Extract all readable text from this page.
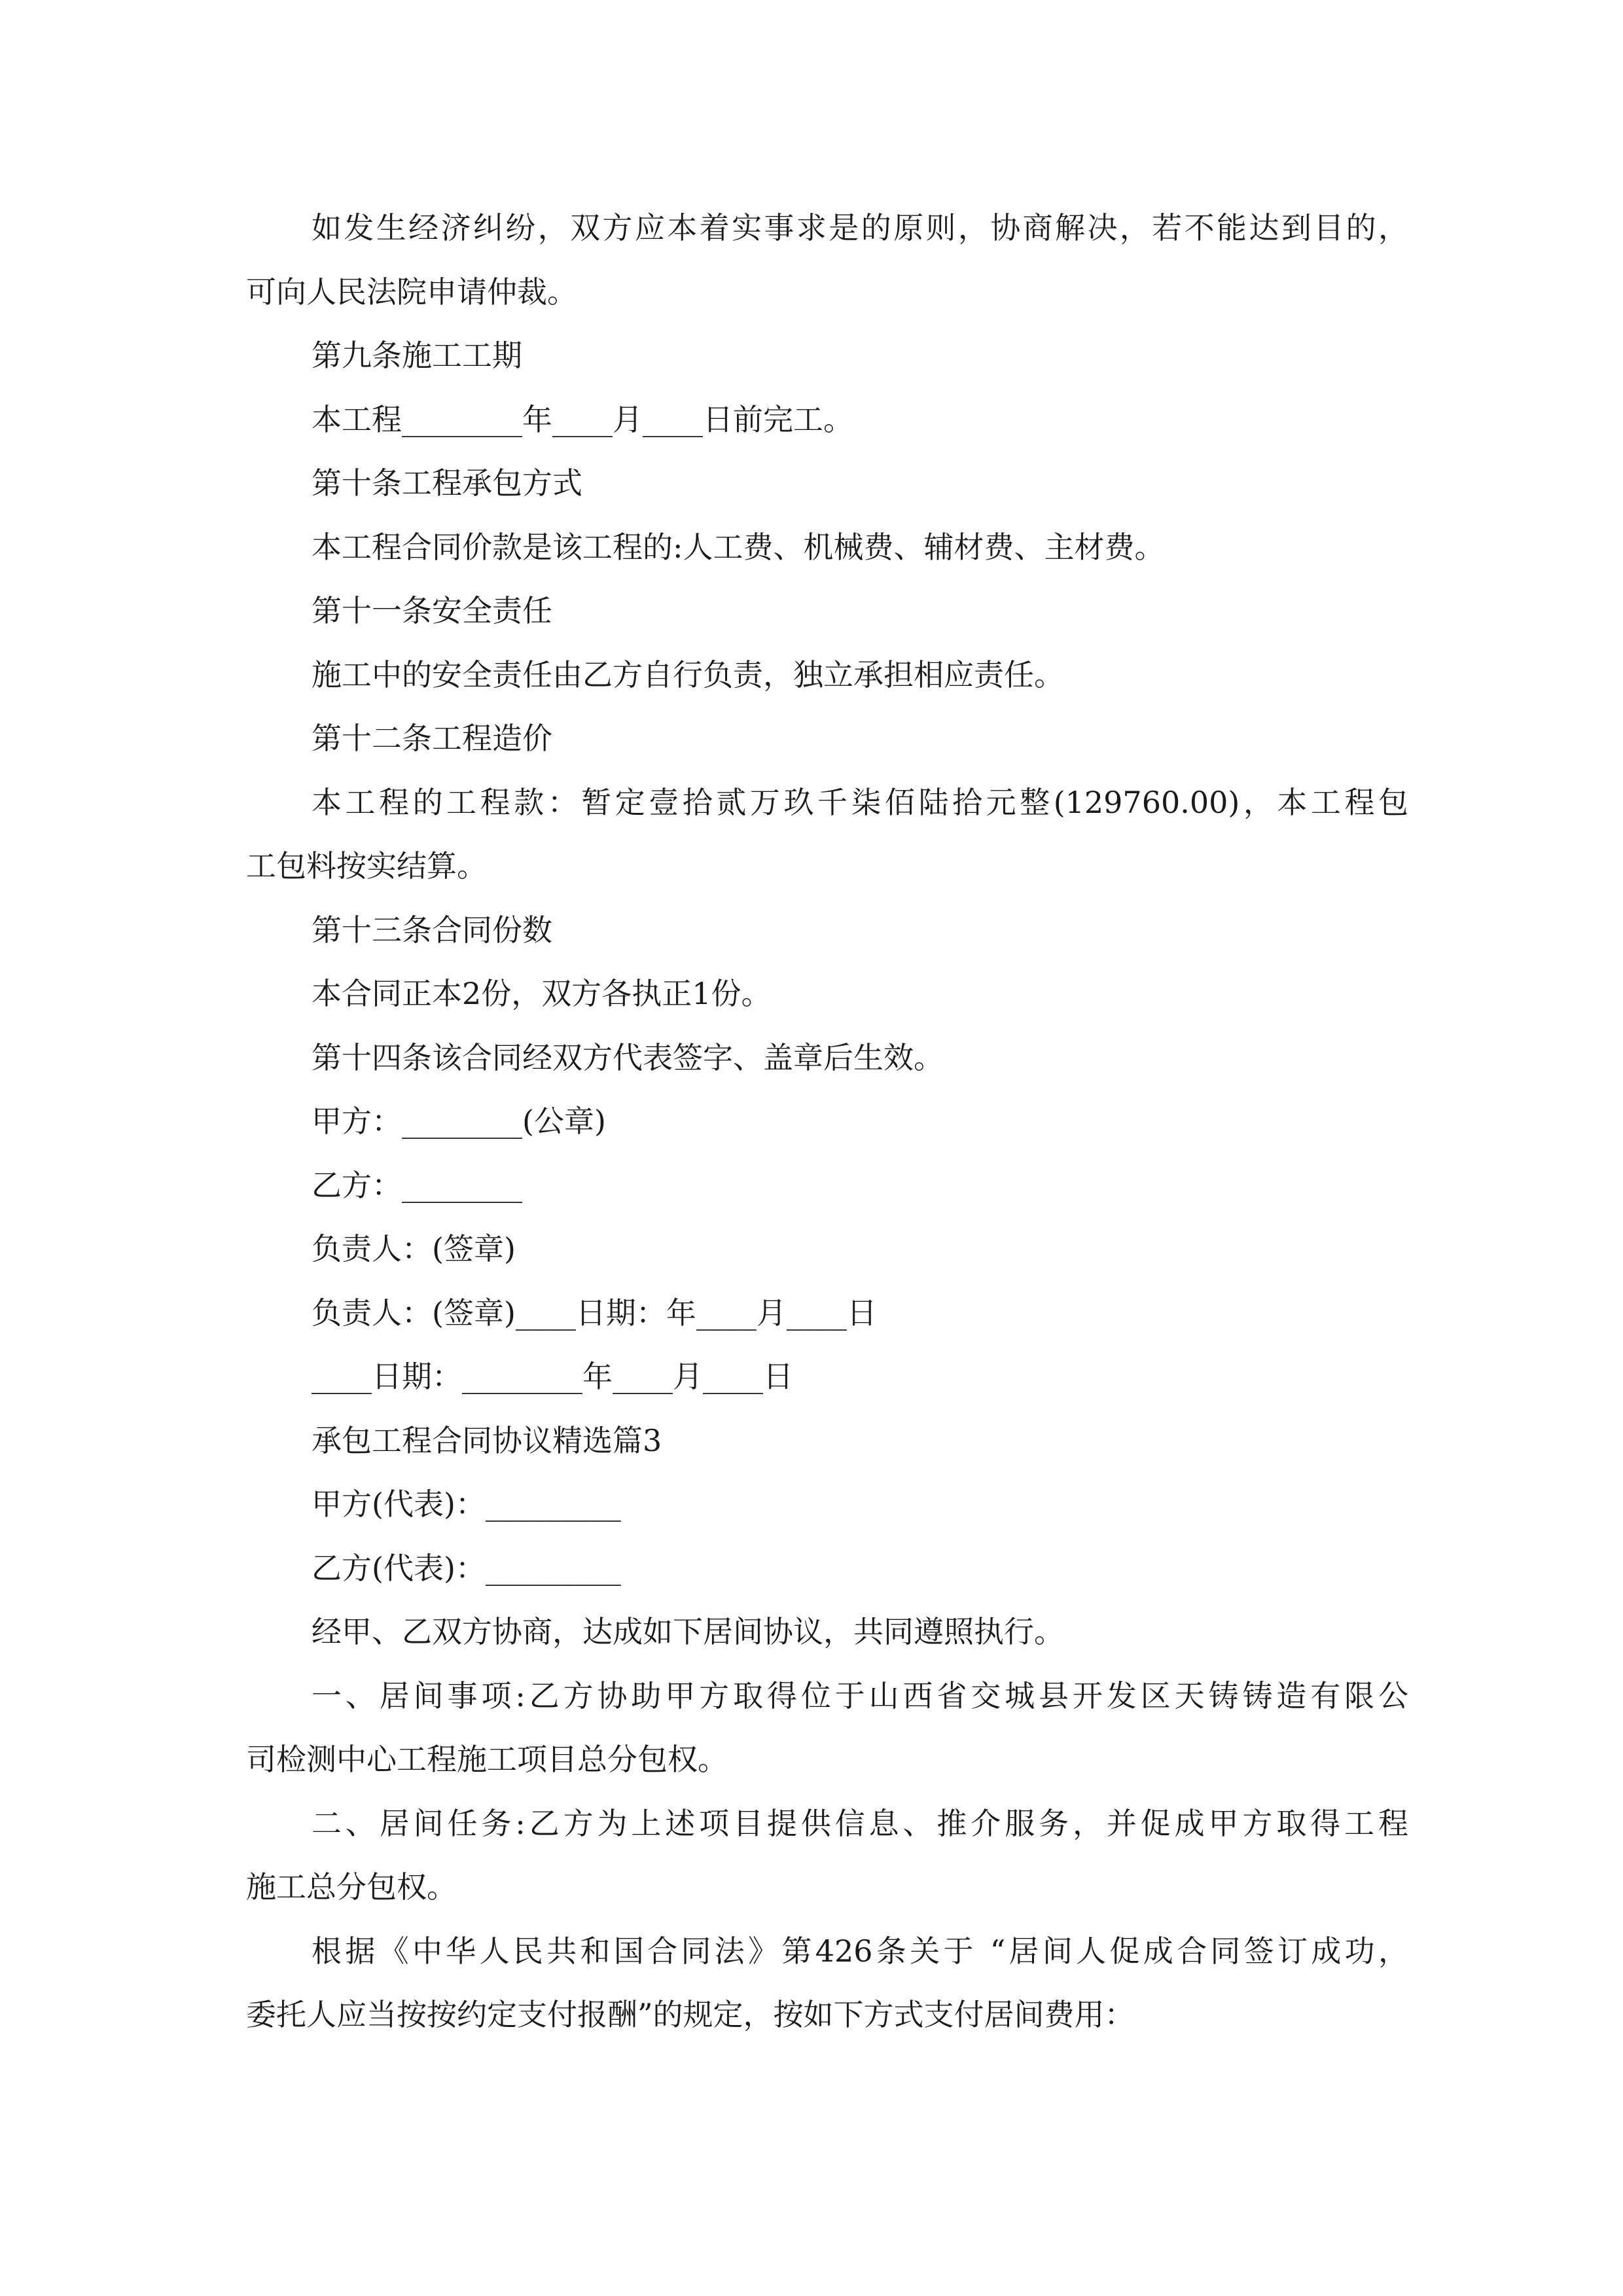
如发生经济纠纷，双方应本着实事求是的原则，协商解决，若不能达到目的，
可向人民法院申请仲裁。
第九条施工工期
本工程________年____月____日前完工。
第十条工程承包方式
本工程合同价款是该工程的:人工费、机械费、辅材费、主材费。
第十一条安全责任
施工中的安全责任由乙方自行负责，独立承担相应责任。
第十二条工程造价
本工程的工程款：暂定壹拾贰万玖千柒佰陆拾元整(129760.00)，本工程包
工包料按实结算。
第十三条合同份数
本合同正本2份，双方各执正1份。
第十四条该合同经双方代表签字、盖章后生效。
甲方：________(公章)
乙方：________
负责人：(签章)
负责人：(签章)____日期：年____月____日
____日期：________年____月____日
承包工程合同协议精选篇3
甲方(代表)：_________
乙方(代表)：_________
经甲、乙双方协商，达成如下居间协议，共同遵照执行。
一、居间事项:乙方协助甲方取得位于山西省交城县开发区天铸铸造有限公
司检测中心工程施工项目总分包权。
二、居间任务:乙方为上述项目提供信息、推介服务，并促成甲方取得工程
施工总分包权。
根据《中华人民共和国合同法》第426条关于 “居间人促成合同签订成功，
委托人应当按按约定支付报酬”的规定，按如下方式支付居间费用：
